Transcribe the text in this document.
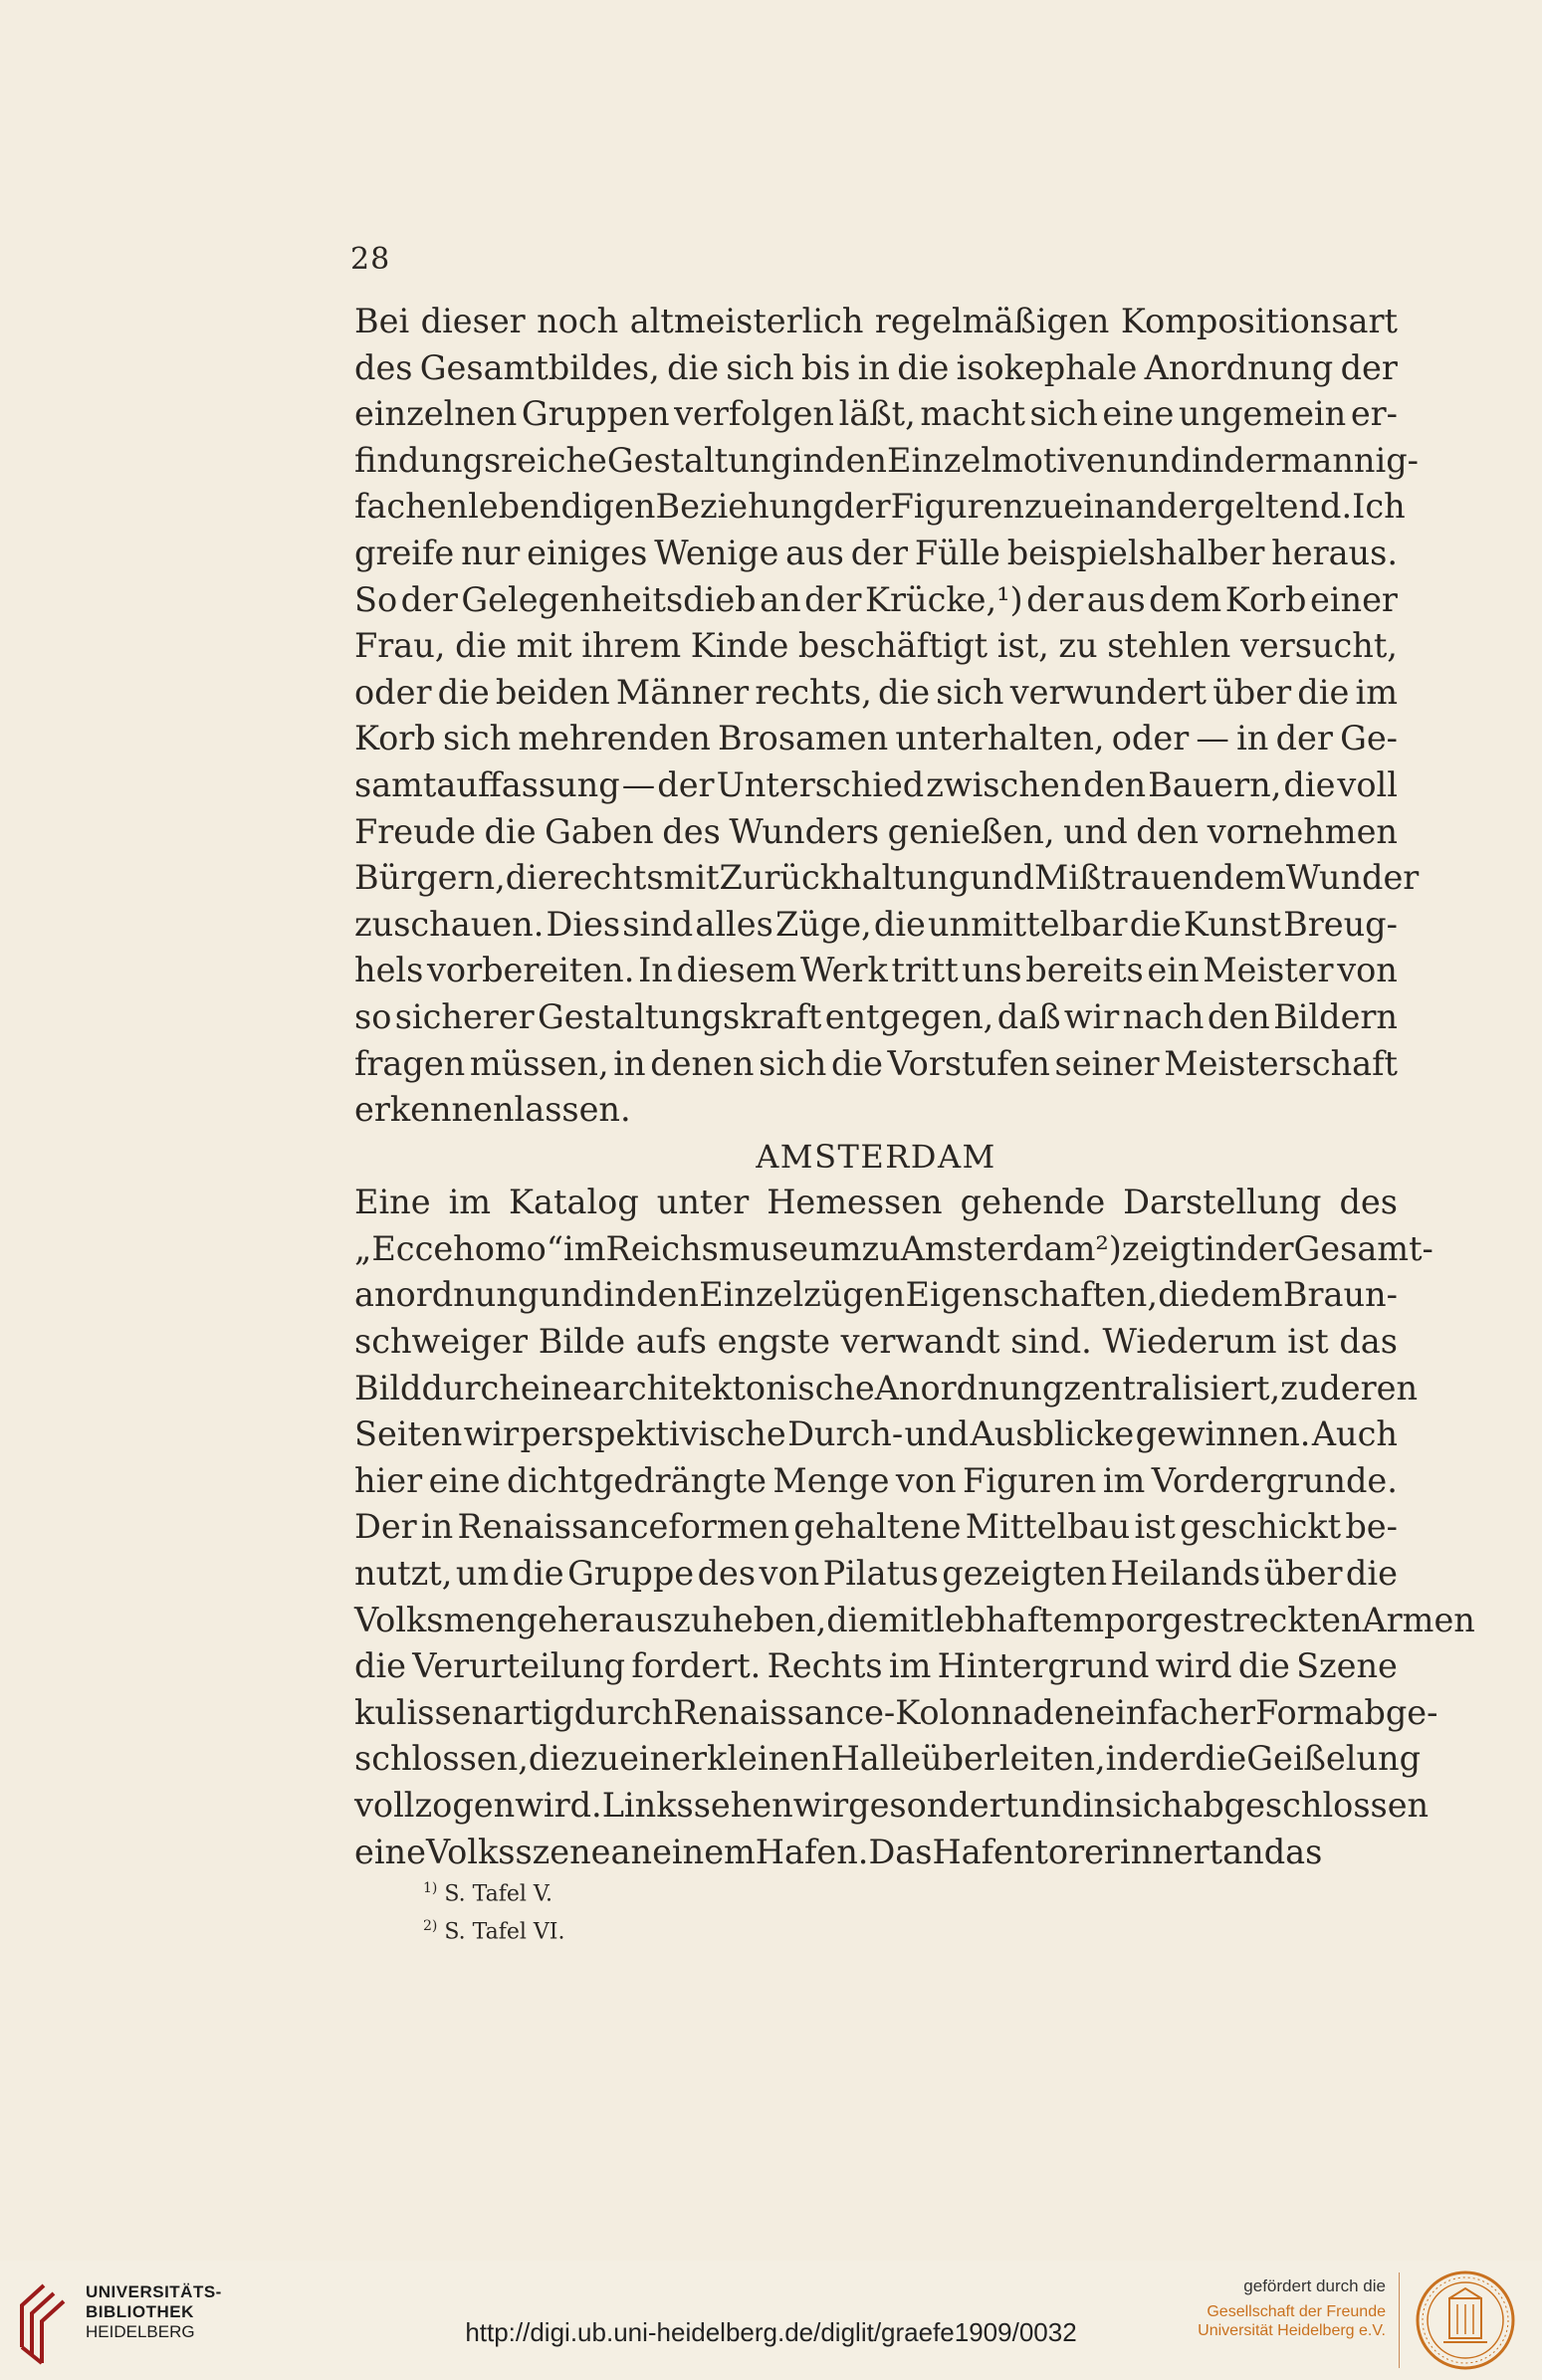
28
Bei dieser noch altmeisterlich regelmäßigen Kompositionsart
des Gesamtbildes, die sich bis in die isokephale Anordnung der
einzelnen Gruppen verfolgen läßt, macht sich eine ungemein er-
findungsreiche Gestaltung in den Einzelmotiven und in der mannig-
fachen lebendigen Beziehung der Figuren zu einander geltend. Ich
greife nur einiges Wenige aus der Fülle beispielshalber heraus.
So der Gelegenheitsdieb an der Krücke,¹) der aus dem Korb einer
Frau, die mit ihrem Kinde beschäftigt ist, zu stehlen versucht,
oder die beiden Männer rechts, die sich verwundert über die im
Korb sich mehrenden Brosamen unterhalten, oder — in der Ge-
samtauffassung — der Unterschied zwischen den Bauern, die voll
Freude die Gaben des Wunders genießen, und den vornehmen
Bürgern, die rechts mit Zurückhaltung und Mißtrauen dem Wunder
zuschauen. Dies sind alles Züge, die unmittelbar die Kunst Breug-
hels vorbereiten. In diesem Werk tritt uns bereits ein Meister von
so sicherer Gestaltungskraft entgegen, daß wir nach den Bildern
fragen müssen, in denen sich die Vorstufen seiner Meisterschaft
erkennen lassen.
AMSTERDAM
Eine im Katalog unter Hemessen gehende Darstellung des
„Ecce homo“ im Reichsmuseum zu Amsterdam²) zeigt in der Gesamt-
anordnung und in den Einzelzügen Eigenschaften, die dem Braun-
schweiger Bilde aufs engste verwandt sind. Wiederum ist das
Bild durch eine architektonische Anordnung zentralisiert, zu deren
Seiten wir perspektivische Durch- und Ausblicke gewinnen. Auch
hier eine dichtgedrängte Menge von Figuren im Vordergrunde.
Der in Renaissanceformen gehaltene Mittelbau ist geschickt be-
nutzt, um die Gruppe des von Pilatus gezeigten Heilands über die
Volksmenge herauszuheben, die mit lebhaft emporgestreckten Armen
die Verurteilung fordert. Rechts im Hintergrund wird die Szene
kulissenartig durch Renaissance-Kolonnaden einfacher Form abge-
schlossen, die zu einer kleinen Halle überleiten, in der die Geißelung
vollzogen wird. Links sehen wir gesondert und in sich abgeschlossen
eine Volksszene an einem Hafen. Das Hafentor erinnert an das
$^{1)}$ S. Tafel V.
$^{2)}$ S. Tafel VI.
UNIVERSITÄTS-
BIBLIOTHEK
HEIDELBERG	http://digi.ub.uni-heidelberg.de/diglit/graefe1909/0032
gefördert durch die
Gesellschaft der Freunde
Universität Heidelberg e.V.
